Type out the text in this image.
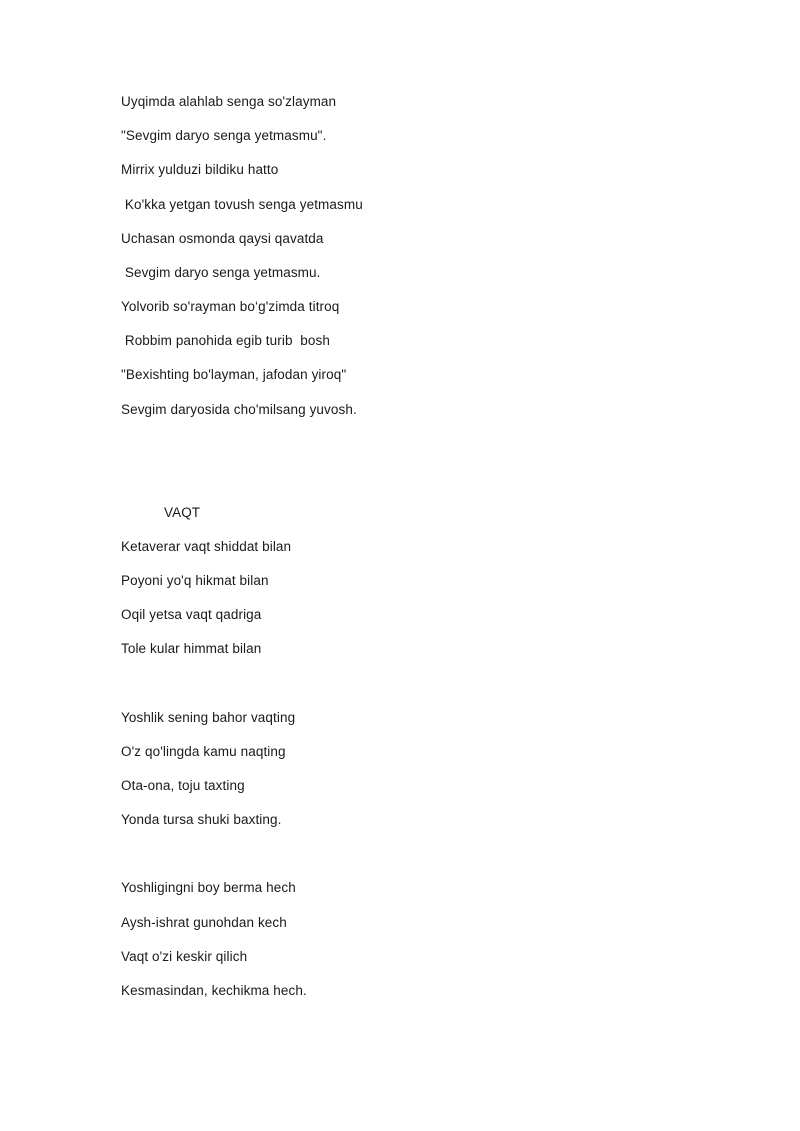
Uyqimda alahlab senga so'zlayman
"Sevgim daryo senga yetmasmu".
Mirrix yulduzi bildiku hatto
Ko'kka yetgan tovush senga yetmasmu
Uchasan osmonda qaysi qavatda
Sevgim daryo senga yetmasmu.
Yolvorib so'rayman bo‘g'zimda titroq
Robbim panohida egib turib  bosh
"Bexishting bo'layman, jafodan yiroq"
Sevgim daryosida cho'milsang yuvosh.
VAQT
Ketaverar vaqt shiddat bilan
Poyoni yo'q hikmat bilan
Oqil yetsa vaqt qadriga
Tole kular himmat bilan
Yoshlik sening bahor vaqting
O'z qo'lingda kamu naqting
Ota-ona, toju taxting
Yonda tursa shuki baxting.
Yoshligingni boy berma hech
Aysh-ishrat gunohdan kech
Vaqt o'zi keskir qilich
Kesmasindan, kechikma hech.
